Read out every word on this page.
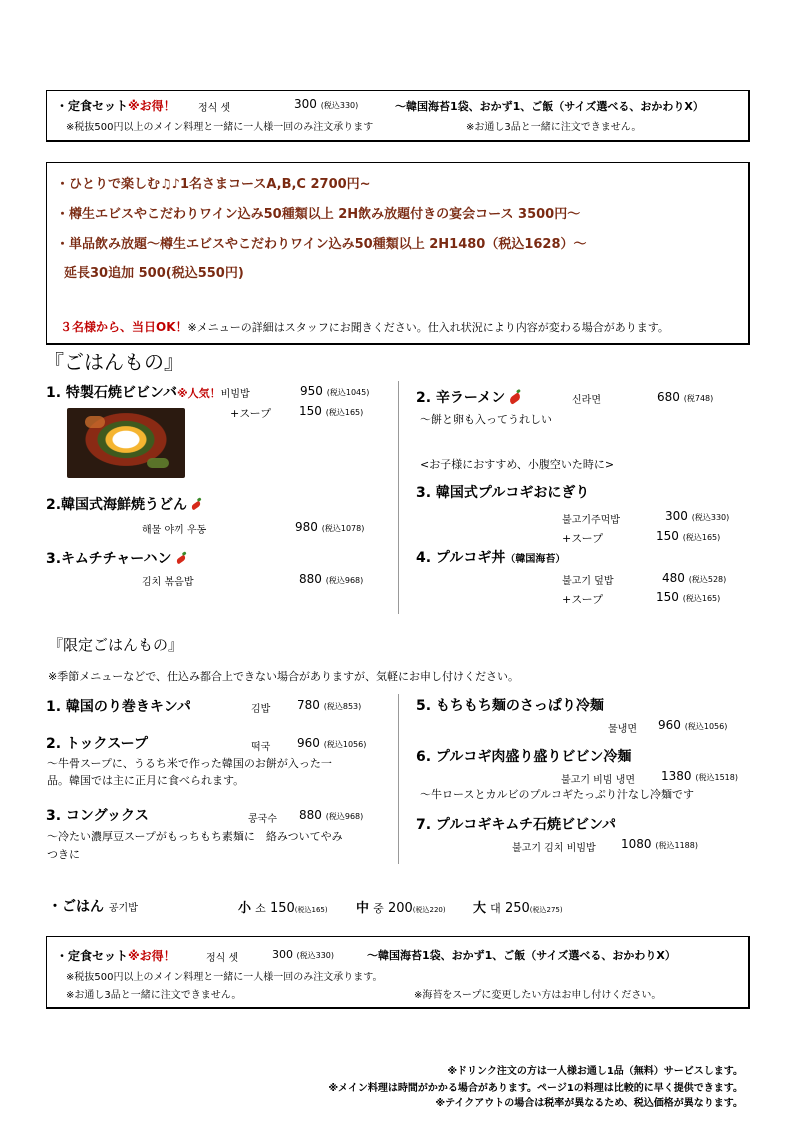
・定食セット※お得！ 정식 셋	300 (税込330)	～韓国海苔1袋、おかず1、ご飯（サイズ選べる、おかわりX）
※税抜500円以上のメイン料理と一緒に一人様一回のみ注文承ります	※お通し3品と一緒に注文できません。
・ひとりで楽しむ♫♪1名さまコースA,B,C 2700円~
・樽生エビスやこだわりワイン込み50種類以上 2H飲み放題付きの宴会コース 3500円～
・単品飲み放題～樽生エビスやこだわりワイン込み50種類以上 2H1480（税込1628）～
延長30追加 500(税込550円)
３名様から、当日OK！※メニューの詳細はスタッフにお聞きください。仕入れ状況により内容が変わる場合があります。
『ごはんもの』
1. 特製石焼ビビンバ※人気！비빔밥	950 (税込1045)
+スープ 150 (税込165)
2.韓国式海鮮焼うどん
해물 야끼 우동	980 (税込1078)
3.キムチチャーハン
김치 볶음밥	880 (税込968)
2. 辛ラーメン	신라면	680 (税748)
～餅と卵も入ってうれしい
<お子様におすすめ、小腹空いた時に>
3. 韓国式プルコギおにぎり
불고기주먹밥	300 (税込330)
+スープ	150 (税込165)
4. プルコギ丼（韓国海苔）
불고기 덮밥	480 (税込528)
+スープ	150 (税込165)
『限定ごはんもの』
※季節メニューなどで、仕込み都合上できない場合がありますが、気軽にお申し付けください。
1. 韓国のり巻きキンパ	김밥 780 (税込853)
2. トックスープ	떡국 960 (税込1056)
～牛骨スープに、うるち米で作った韓国のお餅が入った一
品。韓国では主に正月に食べられます。
3. コングックス	콩국수 880 (税込968)
～冷たい濃厚豆スープがもっちもち素麺に　絡みついてやみ
つきに
5. もちもち麺のさっぱり冷麺
물냉면 960 (税込1056)
6. プルコギ肉盛り盛りビビン冷麺
불고기 비빔 냉면 1380 (税込1518)
～牛ロースとカルビのプルコギたっぷり汁なし冷麺です
7. プルコギキムチ石焼ビビンパ
불고기 김치 비빔밥 1080 (税込1188)
・ごはん 공기밥	小 소 150(税込165) 中 중 200(税込220) 大 대 250(税込275)
・定食セット※お得！	정식 셋	300 (税込330)	～韓国海苔1袋、おかず1、ご飯（サイズ選べる、おかわりX）
※税抜500円以上のメイン料理と一緒に一人様一回のみ注文承ります。
※お通し3品と一緒に注文できません。	※海苔をスープに変更したい方はお申し付けください。
※ドリンク注文の方は一人様お通し1品（無料）サービスします。
※メイン料理は時間がかかる場合があります。ページ1の料理は比較的に早く提供できます。
※テイクアウトの場合は税率が異なるため、税込価格が異なります。
